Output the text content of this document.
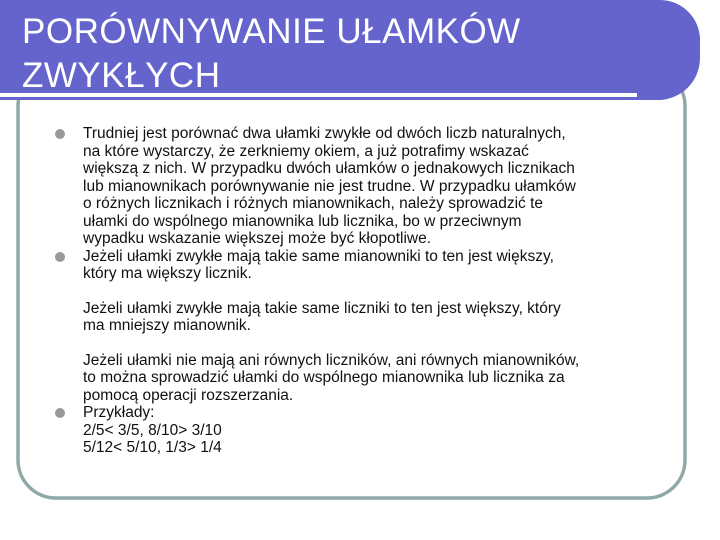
PORÓWNYWANIE UŁAMKÓW
ZWYKŁYCH
Trudniej jest porównać dwa ułamki zwykłe od dwóch liczb naturalnych,
na które wystarczy, że zerkniemy okiem, a już potrafimy wskazać
większą z nich. W przypadku dwóch ułamków o jednakowych licznikach
lub mianownikach porównywanie nie jest trudne. W przypadku ułamków
o różnych licznikach i różnych mianownikach, należy sprowadzić te
ułamki do wspólnego mianownika lub licznika, bo w przeciwnym
wypadku wskazanie większej może być kłopotliwe.
Jeżeli ułamki zwykłe mają takie same mianowniki to ten jest większy,
który ma większy licznik.
Jeżeli ułamki zwykłe mają takie same liczniki to ten jest większy, który
ma mniejszy mianownik.
Jeżeli ułamki nie mają ani równych liczników, ani równych mianowników,
to można sprowadzić ułamki do wspólnego mianownika lub licznika za
pomocą operacji rozszerzania.
Przykłady:
2/5< 3/5, 8/10> 3/10
5/12< 5/10, 1/3> 1/4
